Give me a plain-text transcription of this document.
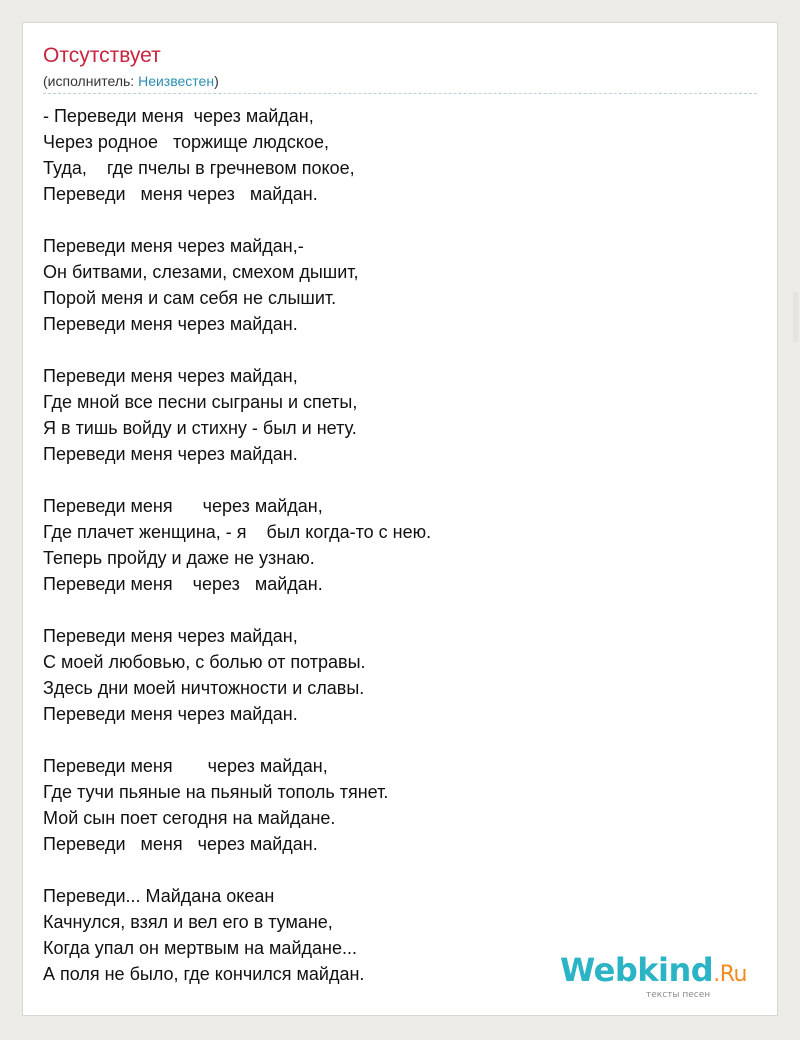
Отсутствует
(исполнитель: Неизвестен)
- Переведи меня  через майдан,
Через родное   торжище людское,
Туда,    где пчелы в гречневом покое,
Переведи   меня через   майдан.
Переведи меня через майдан,-
Он битвами, слезами, смехом дышит,
Порой меня и сам себя не слышит.
Переведи меня через майдан.
Переведи меня через майдан,
Где мной все песни сыграны и спеты,
Я в тишь войду и стихну - был и нету.
Переведи меня через майдан.
Переведи меня      через майдан,
Где плачет женщина, - я    был когда-то с нею.
Теперь пройду и даже не узнаю.
Переведи меня    через   майдан.
Переведи меня через майдан,
С моей любовью, с болью от потравы.
Здесь дни моей ничтожности и славы.
Переведи меня через майдан.
Переведи меня       через майдан,
Где тучи пьяные на пьяный тополь тянет.
Мой сын поет сегодня на майдане.
Переведи   меня   через майдан.
Переведи... Майдана океан
Качнулся, взял и вел его в тумане,
Когда упал он мертвым на майдане...
А поля не было, где кончился майдан.	Webkind.Ru
тексты песен
